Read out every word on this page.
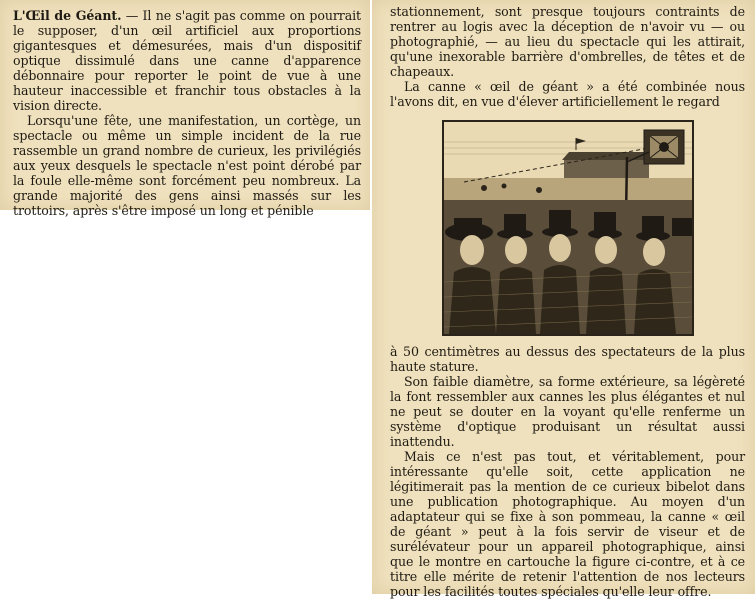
L'Œil de Géant. — Il ne s'agit pas comme on pourrait le supposer, d'un œil artificiel aux proportions gigantesques et démesurées, mais d'un dispositif optique dissimulé dans une canne d'apparence débonnaire pour reporter le point de vue à une hauteur inaccessible et franchir tous obstacles à la vision directe.

Lorsqu'une fête, une manifestation, un cortège, un spectacle ou même un simple incident de la rue rassemble un grand nombre de curieux, les privilégiés aux yeux desquels le spectacle n'est point dérobé par la foule elle-même sont forcément peu nombreux. La grande majorité des gens ainsi massés sur les trottoirs, après s'être imposé un long et pénible

stationnement, sont presque toujours contraints de rentrer au logis avec la déception de n'avoir vu — ou photographié, — au lieu du spectacle qui les attirait, qu'une inexorable barrière d'ombrelles, de têtes et de chapeaux.

La canne « œil de géant » a été combinée nous l'avons dit, en vue d'élever artificiellement le regard

à 50 centimètres au dessus des spectateurs de la plus haute stature.

Son faible diamètre, sa forme extérieure, sa légèreté la font ressembler aux cannes les plus élégantes et nul ne peut se douter en la voyant qu'elle renferme un système d'optique produisant un résultat aussi inattendu.

Mais ce n'est pas tout, et véritablement, pour intéressante qu'elle soit, cette application ne légitimerait pas la mention de ce curieux bibelot dans une publication photographique. Au moyen d'un adaptateur qui se fixe à son pommeau, la canne « œil de géant » peut à la fois servir de viseur et de surélévateur pour un appareil photographique, ainsi que le montre en cartouche la figure ci-contre, et à ce titre elle mérite de retenir l'attention de nos lecteurs pour les facilités toutes spéciales qu'elle leur offre.
